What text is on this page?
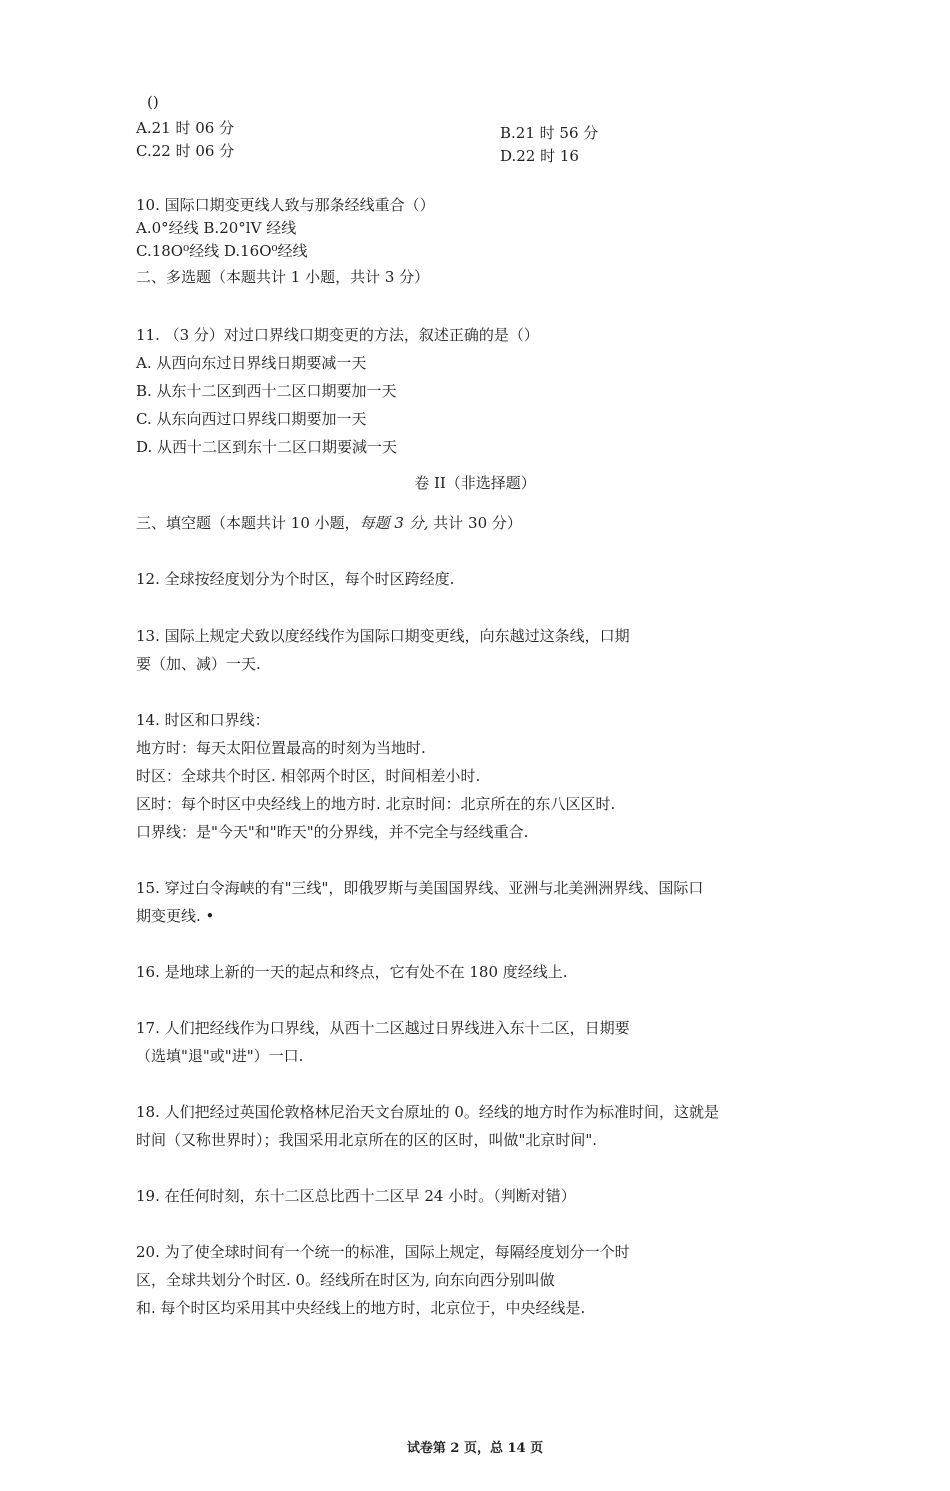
()
A.21 时 06 分	B.21 时 56 分
C.22 时 06 分	D.22 时 16
10. 国际口期变更线人致与那条经线重合（）
A.0°经线 B.20°lV 经线
C.18O⁰经线 D.16O⁰经线
二、多选题（本题共计 1 小题，共计 3 分）
11. （3 分）对过口界线口期变更的方法，叙述正确的是（）
A. 从西向东过日界线日期要减一天
B. 从东十二区到西十二区口期要加一天
C. 从东向西过口界线口期要加一天
D. 从西十二区到东十二区口期要減一天
卷 II（非选择题）
三、填空题（本题共计 10 小题，每题 3 分, 共计 30 分）
12. 全球按经度划分为个时区，每个时区跨经度.
13. 国际上规定犬致以度经线作为国际口期变更线，向东越过这条线，口期
要（加、减）一天.
14. 时区和口界线：
地方时：每天太阳位置最高的时刻为当地时.
时区：全球共个时区. 相邻两个时区，时间相差小时.
区时：每个时区中央经线上的地方时. 北京时间：北京所在的东八区区时.
口界线：是"今天"和"昨天"的分界线，并不完全与经线重合.
15. 穿过白令海峡的有"三线"，即俄罗斯与美国国界线、亚洲与北美洲洲界线、国际口
期变更线. •
16. 是地球上新的一天的起点和终点，它有处不在 180 度经线上.
17. 人们把经线作为口界线，从西十二区越过日界线进入东十二区，日期要
（选填"退"或"进"）一口.
18. 人们把经过英国伦敦格林尼治天文台原址的 0。经线的地方时作为标准时间，这就是
时间（又称世界时）；我国采用北京所在的区的区时，叫做"北京时间".
19. 在任何时刻，东十二区总比西十二区早 24 小时。（判断对错）
20. 为了使全球时间有一个统一的标准，国际上规定，每隔经度划分一个时
区，全球共划分个时区. 0。经线所在时区为, 向东向西分别叫做
和. 每个时区均采用其中央经线上的地方时，北京位于，中央经线是.
试卷第 2 页，总 14 页
